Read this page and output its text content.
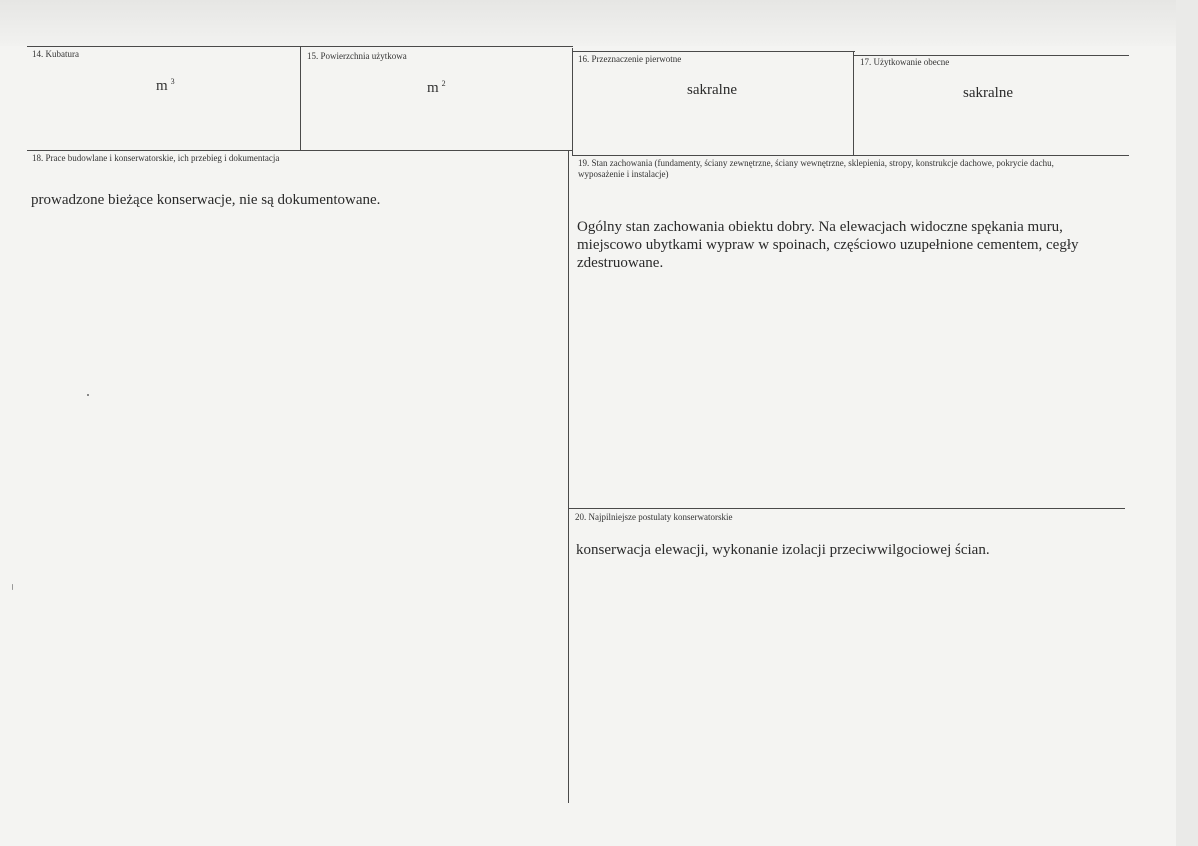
14. Kubatura
m $^3$
15. Powierzchnia użytkowa
m $^2$
16. Przeznaczenie pierwotne
sakralne
17. Użytkowanie obecne
sakralne
18. Prace budowlane i konserwatorskie, ich przebieg i dokumentacja
prowadzone bieżące konserwacje, nie są dokumentowane.
19. Stan zachowania (fundamenty, ściany zewnętrzne, ściany wewnętrzne, sklepienia, stropy, konstrukcje dachowe, pokrycie dachu, wyposażenie i instalacje)
Ogólny stan zachowania obiektu dobry. Na elewacjach widoczne spękania muru, miejscowo ubytkami wypraw w spoinach, częściowo uzupełnione cementem, cegły zdestruowane.
20. Najpilniejsze postulaty konserwatorskie
konserwacja elewacji, wykonanie izolacji przeciwwilgociowej ścian.
